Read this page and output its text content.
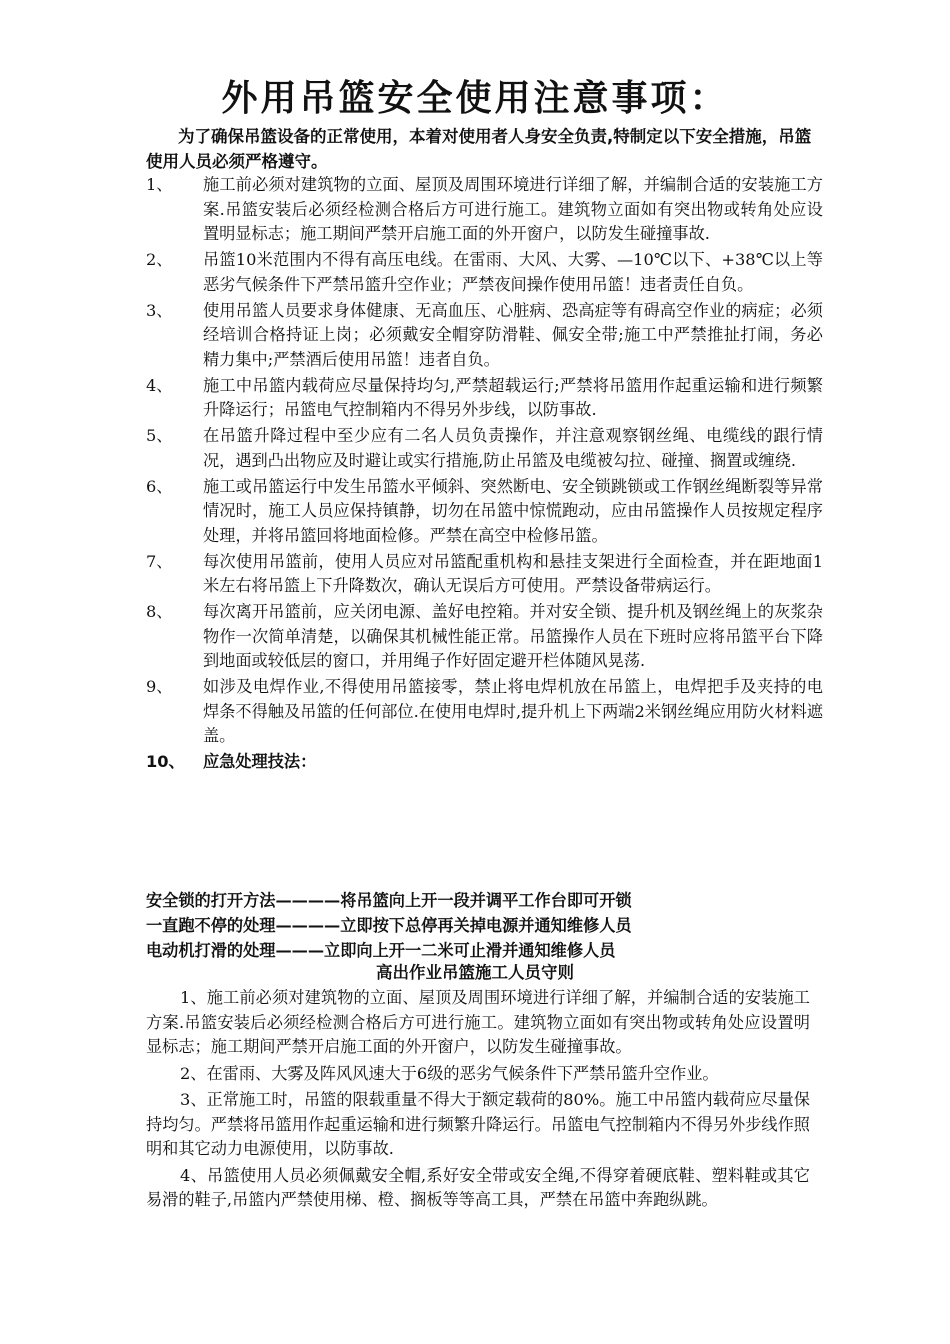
外用吊篮安全使用注意事项：
为了确保吊篮设备的正常使用，本着对使用者人身安全负责,特制定以下安全措施，吊篮使用人员必须严格遵守。
1、	施工前必须对建筑物的立面、屋顶及周围环境进行详细了解，并编制合适的安装施工方案.吊篮安装后必须经检测合格后方可进行施工。建筑物立面如有突出物或转角处应设置明显标志；施工期间严禁开启施工面的外开窗户，以防发生碰撞事故.
2、	吊篮10米范围内不得有高压电线。在雷雨、大风、大雾、—10℃以下、+38℃以上等恶劣气候条件下严禁吊篮升空作业；严禁夜间操作使用吊篮！违者责任自负。
3、	使用吊篮人员要求身体健康、无高血压、心脏病、恐高症等有碍高空作业的病症；必须经培训合格持证上岗；必须戴安全帽穿防滑鞋、佩安全带;施工中严禁推扯打闹，务必精力集中;严禁酒后使用吊篮！违者自负。
4、	施工中吊篮内载荷应尽量保持均匀,严禁超载运行;严禁将吊篮用作起重运输和进行频繁升降运行；吊篮电气控制箱内不得另外步线，以防事故.
5、	在吊篮升降过程中至少应有二名人员负责操作，并注意观察钢丝绳、电缆线的跟行情况，遇到凸出物应及时避让或实行措施,防止吊篮及电缆被勾拉、碰撞、搁置或缠绕.
6、	施工或吊篮运行中发生吊篮水平倾斜、突然断电、安全锁跳锁或工作钢丝绳断裂等异常情况时，施工人员应保持镇静，切勿在吊篮中惊慌跑动，应由吊篮操作人员按规定程序处理，并将吊篮回将地面检修。严禁在高空中检修吊篮。
7、	每次使用吊篮前，使用人员应对吊篮配重机构和悬挂支架进行全面检查，并在距地面1米左右将吊篮上下升降数次，确认无误后方可使用。严禁设备带病运行。
8、	每次离开吊篮前，应关闭电源、盖好电控箱。并对安全锁、提升机及钢丝绳上的灰浆杂物作一次简单清楚，以确保其机械性能正常。吊篮操作人员在下班时应将吊篮平台下降到地面或较低层的窗口，并用绳子作好固定避开栏体随风晃荡.
9、	如涉及电焊作业,不得使用吊篮接零，禁止将电焊机放在吊篮上，电焊把手及夹持的电焊条不得触及吊篮的任何部位.在使用电焊时,提升机上下两端2米钢丝绳应用防火材料遮盖。
10、	应急处理技法：
安全锁的打开方法————将吊篮向上开一段并调平工作台即可开锁
一直跑不停的处理————立即按下总停再关掉电源并通知维修人员
电动机打滑的处理———立即向上开一二米可止滑并通知维修人员
高出作业吊篮施工人员守则
1、施工前必须对建筑物的立面、屋顶及周围环境进行详细了解，并编制合适的安装施工方案.吊篮安装后必须经检测合格后方可进行施工。建筑物立面如有突出物或转角处应设置明显标志；施工期间严禁开启施工面的外开窗户，以防发生碰撞事故。
2、在雷雨、大雾及阵风风速大于6级的恶劣气候条件下严禁吊篮升空作业。
3、正常施工时，吊篮的限载重量不得大于额定载荷的80%。施工中吊篮内载荷应尽量保持均匀。严禁将吊篮用作起重运输和进行频繁升降运行。吊篮电气控制箱内不得另外步线作照明和其它动力电源使用，以防事故.
4、吊篮使用人员必须佩戴安全帽,系好安全带或安全绳,不得穿着硬底鞋、塑料鞋或其它易滑的鞋子,吊篮内严禁使用梯、橙、搁板等等高工具，严禁在吊篮中奔跑纵跳。
